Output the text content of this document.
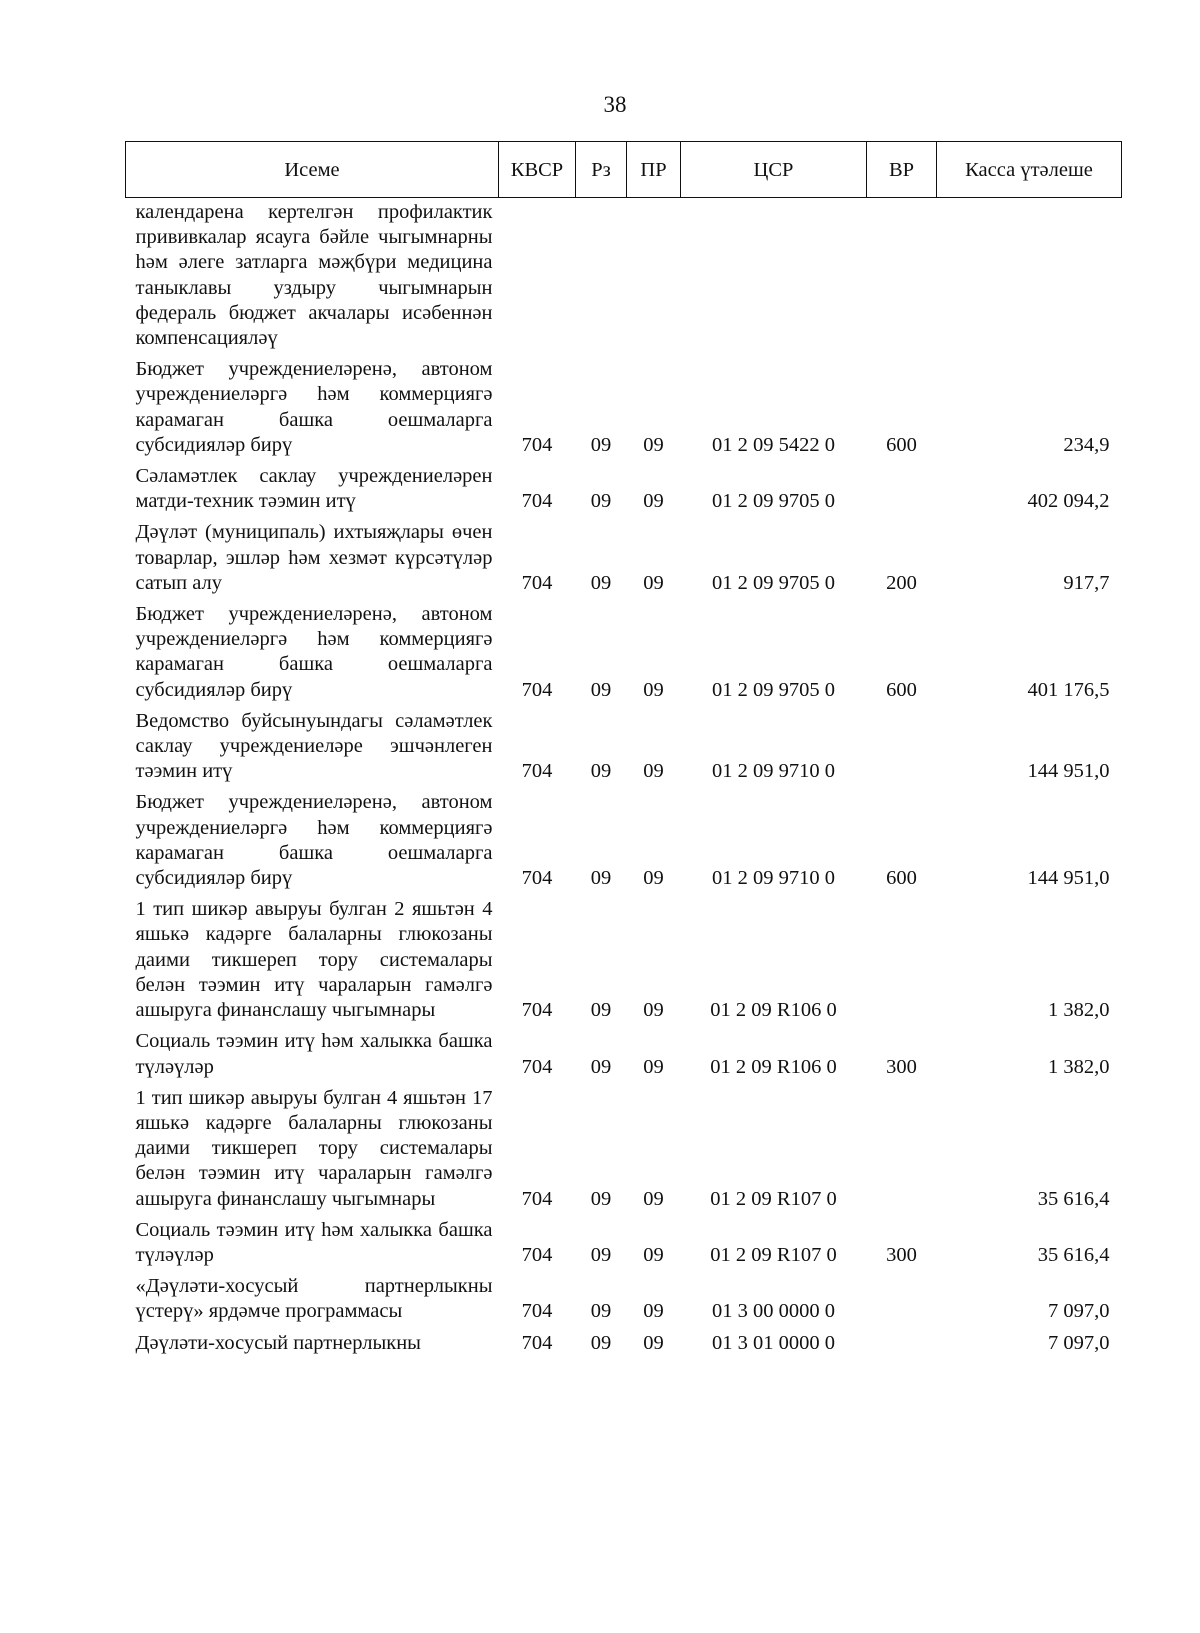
38
Исеме	КВСР	Рз	ПР	ЦСР	ВР	Касса үтәлеше
календарена кертелгән профилактик прививкалар ясауга бәйле чыгымнарны һәм әлеге затларга мәҗбүри медицина таныклавы уздыру чыгымнарын федераль бюджет акчалары исәбеннән компенсацияләү						
Бюджет учреждениеләренә, автоном учреждениеләргә һәм коммерциягә карамаган башка оешмаларга субсидияләр бирү	704	09	09	01 2 09 5422 0	600	234,9
Сәламәтлек саклау учреждениеләрен матди-техник тәэмин итү	704	09	09	01 2 09 9705 0		402 094,2
Дәүләт (муниципаль) ихтыяҗлары өчен товарлар, эшләр һәм хезмәт күрсәтүләр сатып алу	704	09	09	01 2 09 9705 0	200	917,7
Бюджет учреждениеләренә, автоном учреждениеләргә һәм коммерциягә карамаган башка оешмаларга субсидияләр бирү	704	09	09	01 2 09 9705 0	600	401 176,5
Ведомство буйсынуындагы сәламәтлек саклау учреждениеләре эшчәнлеген тәэмин итү	704	09	09	01 2 09 9710 0		144 951,0
Бюджет учреждениеләренә, автоном учреждениеләргә һәм коммерциягә карамаган башка оешмаларга субсидияләр бирү	704	09	09	01 2 09 9710 0	600	144 951,0
1 тип шикәр авыруы булган 2 яшьтән 4 яшькә кадәрге балаларны глюкозаны даими тикшереп тору системалары белән тәэмин итү чараларын гамәлгә ашыруга финанслашу чыгымнары	704	09	09	01 2 09 R106 0		1 382,0
Социаль тәэмин итү һәм халыкка башка түләүләр	704	09	09	01 2 09 R106 0	300	1 382,0
1 тип шикәр авыруы булган 4 яшьтән 17 яшькә кадәрге балаларны глюкозаны даими тикшереп тору системалары белән тәэмин итү чараларын гамәлгә ашыруга финанслашу чыгымнары	704	09	09	01 2 09 R107 0		35 616,4
Социаль тәэмин итү һәм халыкка башка түләүләр	704	09	09	01 2 09 R107 0	300	35 616,4
«Дәүләти-хосусый партнерлыкны үстерү» ярдәмче программасы	704	09	09	01 3 00 0000 0		7 097,0
Дәүләти-хосусый партнерлыкны	704	09	09	01 3 01 0000 0		7 097,0
